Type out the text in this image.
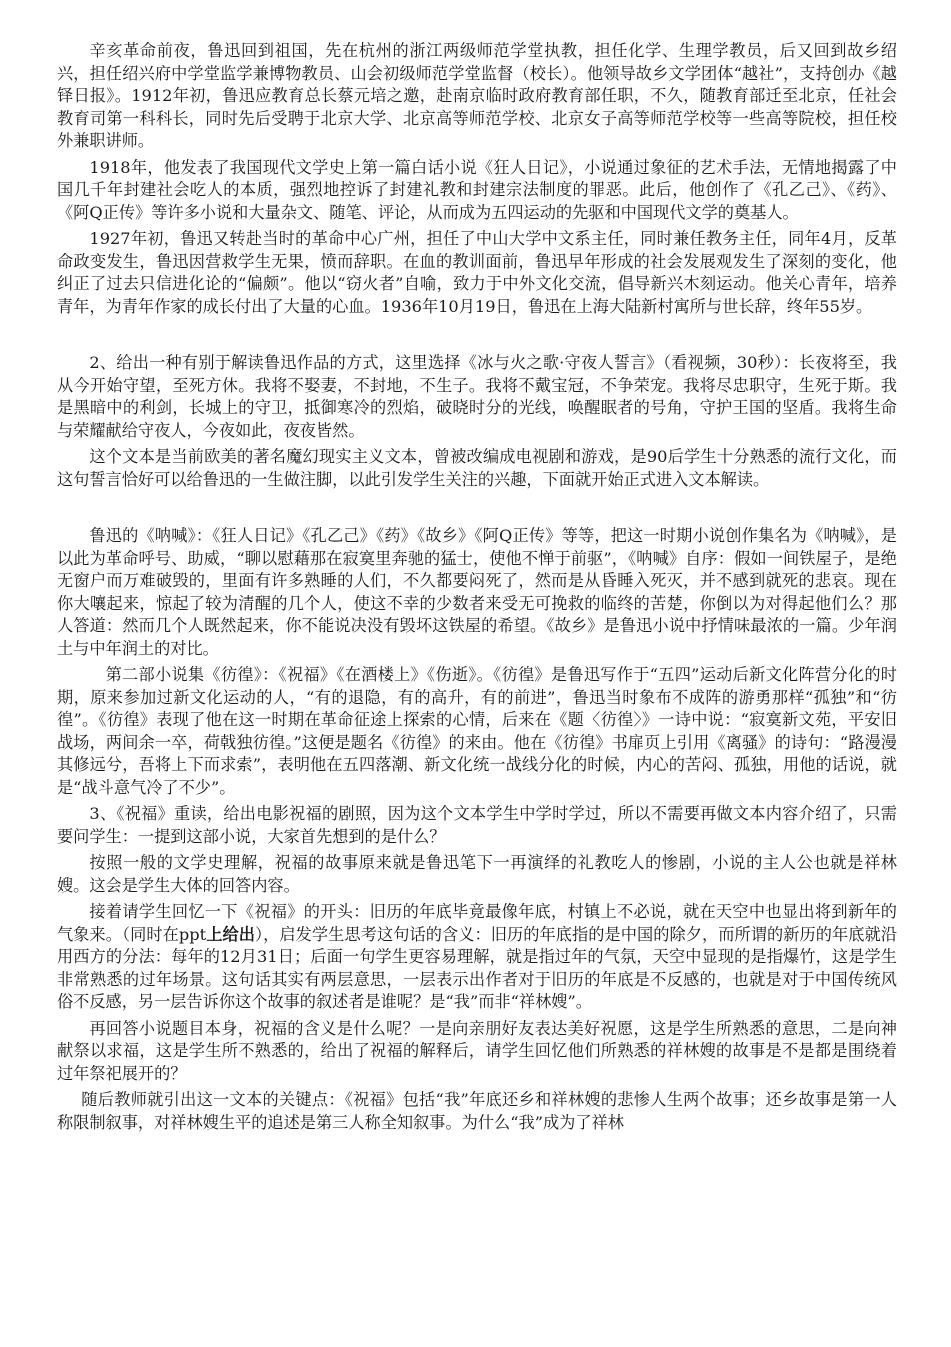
辛亥革命前夜，鲁迅回到祖国，先在杭州的浙江两级师范学堂执教，担任化学、生理学教员，后又回到故乡绍兴，担任绍兴府中学堂监学兼博物教员、山会初级师范学堂监督（校长）。他领导故乡文学团体“越社”，支持创办《越铎日报》。1912年初，鲁迅应教育总长蔡元培之邀，赴南京临时政府教育部任职，不久，随教育部迁至北京，任社会教育司第一科科长，同时先后受聘于北京大学、北京高等师范学校、北京女子高等师范学校等一些高等院校，担任校外兼职讲师。

1918年，他发表了我国现代文学史上第一篇白话小说《狂人日记》，小说通过象征的艺术手法，无情地揭露了中国几千年封建社会吃人的本质，强烈地控诉了封建礼教和封建宗法制度的罪恶。此后，他创作了《孔乙己》、《药》、《阿Q正传》等许多小说和大量杂文、随笔、评论，从而成为五四运动的先驱和中国现代文学的奠基人。

1927年初，鲁迅又转赴当时的革命中心广州，担任了中山大学中文系主任，同时兼任教务主任，同年4月，反革命政变发生，鲁迅因营救学生无果，愤而辞职。在血的教训面前，鲁迅早年形成的社会发展观发生了深刻的变化，他纠正了过去只信进化论的“偏颇”。他以“窃火者”自喻，致力于中外文化交流，倡导新兴木刻运动。他关心青年，培养青年，为青年作家的成长付出了大量的心血。1936年10月19日，鲁迅在上海大陆新村寓所与世长辞，终年55岁。

2、给出一种有别于解读鲁迅作品的方式，这里选择《冰与火之歌·守夜人誓言》（看视频，30秒）：长夜将至，我从今开始守望，至死方休。我将不娶妻，不封地，不生子。我将不戴宝冠，不争荣宠。我将尽忠职守，生死于斯。我是黑暗中的利剑，长城上的守卫，抵御寒冷的烈焰，破晓时分的光线，唤醒眠者的号角，守护王国的坚盾。我将生命与荣耀献给守夜人，今夜如此，夜夜皆然。

这个文本是当前欧美的著名魔幻现实主义文本，曾被改编成电视剧和游戏，是90后学生十分熟悉的流行文化，而这句誓言恰好可以给鲁迅的一生做注脚，以此引发学生关注的兴趣，下面就开始正式进入文本解读。

鲁迅的《呐喊》：《狂人日记》《孔乙己》《药》《故乡》《阿Q正传》等等，把这一时期小说创作集名为《呐喊》，是以此为革命呼号、助威，“聊以慰藉那在寂寞里奔驰的猛士，使他不惮于前驱”，《呐喊》自序：假如一间铁屋子，是绝无窗户而万难破毁的，里面有许多熟睡的人们，不久都要闷死了，然而是从昏睡入死灭，并不感到就死的悲哀。现在你大嚷起来，惊起了较为清醒的几个人，使这不幸的少数者来受无可挽救的临终的苦楚，你倒以为对得起他们么？那人答道：然而几个人既然起来，你不能说决没有毁坏这铁屋的希望。《故乡》是鲁迅小说中抒情味最浓的一篇。少年润土与中年润土的对比。

第二部小说集《彷徨》：《祝福》《在酒楼上》《伤逝》。《彷徨》是鲁迅写作于“五四”运动后新文化阵营分化的时期，原来参加过新文化运动的人，“有的退隐，有的高升，有的前进”，鲁迅当时象布不成阵的游勇那样“孤独”和“彷徨”。《彷徨》表现了他在这一时期在革命征途上探索的心情，后来在《题〈彷徨〉》一诗中说：“寂寞新文苑，平安旧战场，两间余一卒，荷戟独彷徨。”这便是题名《彷徨》的来由。他在《彷徨》书扉页上引用《离骚》的诗句：“路漫漫其修远兮，吾将上下而求索”，表明他在五四落潮、新文化统一战线分化的时候，内心的苦闷、孤独，用他的话说，就是“战斗意气冷了不少”。

3、《祝福》重读，给出电影祝福的剧照，因为这个文本学生中学时学过，所以不需要再做文本内容介绍了，只需要问学生：一提到这部小说，大家首先想到的是什么？

按照一般的文学史理解，祝福的故事原来就是鲁迅笔下一再演绎的礼教吃人的惨剧，小说的主人公也就是祥林嫂。这会是学生大体的回答内容。

接着请学生回忆一下《祝福》的开头：旧历的年底毕竟最像年底，村镇上不必说，就在天空中也显出将到新年的气象来。（同时在ppt上给出），启发学生思考这句话的含义：旧历的年底指的是中国的除夕，而所谓的新历的年底就沿用西方的分法：每年的12月31日；后面一句学生更容易理解，就是指过年的气氛，天空中显现的是指爆竹，这是学生非常熟悉的过年场景。这句话其实有两层意思，一层表示出作者对于旧历的年底是不反感的，也就是对于中国传统风俗不反感，另一层告诉你这个故事的叙述者是谁呢？是“我”而非“祥林嫂”。

再回答小说题目本身，祝福的含义是什么呢？一是向亲朋好友表达美好祝愿，这是学生所熟悉的意思，二是向神献祭以求福，这是学生所不熟悉的，给出了祝福的解释后，请学生回忆他们所熟悉的祥林嫂的故事是不是都是围绕着过年祭祀展开的？

随后教师就引出这一文本的关键点：《祝福》包括“我”年底还乡和祥林嫂的悲惨人生两个故事；还乡故事是第一人称限制叙事，对祥林嫂生平的追述是第三人称全知叙事。为什么“我”成为了祥林
